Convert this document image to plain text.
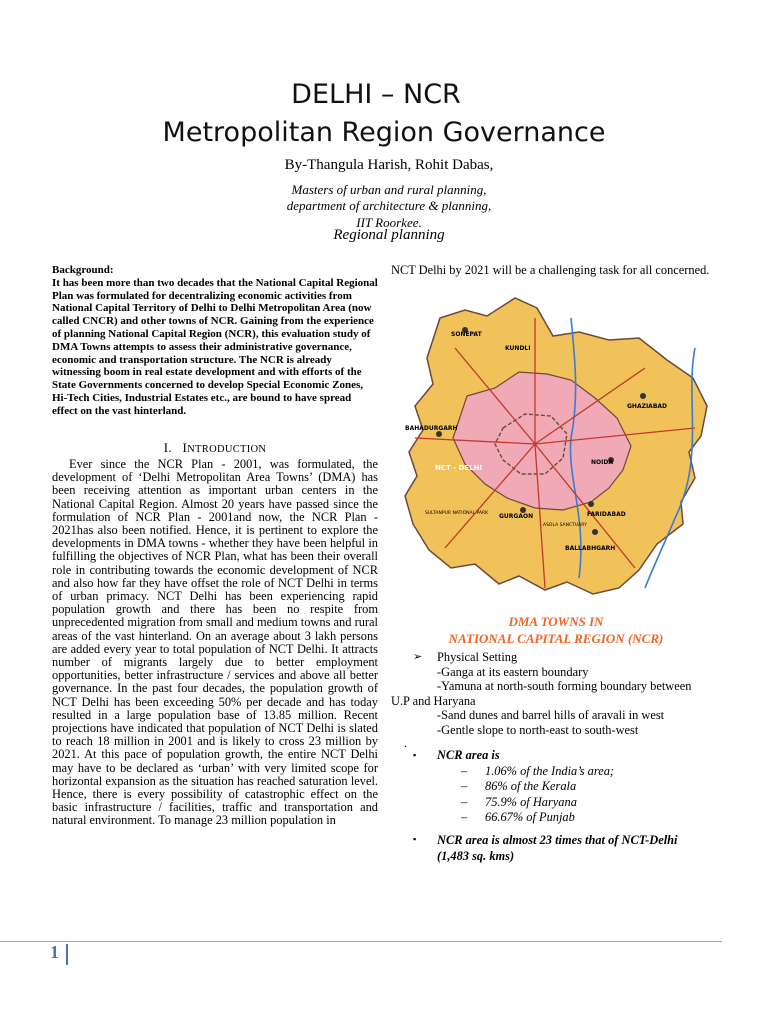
DELHI – NCR
Metropolitan Region Governance
By-Thangula Harish, Rohit Dabas,
Masters of urban and rural planning,
department of architecture & planning,
IIT Roorkee.
Regional planning
Background:
It has been more than two decades that the National Capital Regional Plan was formulated for decentralizing economic activities from National Capital Territory of Delhi to Delhi Metropolitan Area (now called CNCR) and other towns of NCR. Gaining from the experience of planning National Capital Region (NCR), this evaluation study of DMA Towns attempts to assess their administrative governance, economic and transportation structure. The NCR is already witnessing boom in real estate development and with efforts of the State Governments concerned to develop Special Economic Zones, Hi-Tech Cities, Industrial Estates etc., are bound to have spread effect on the vast hinterland.
I. INTRODUCTION

Ever since the NCR Plan - 2001, was formulated, the development of ‘Delhi Metropolitan Area Towns’ (DMA) has been receiving attention as important urban centers in the National Capital Region. Almost 20 years have passed since the formulation of NCR Plan - 2001and now, the NCR Plan - 2021has also been notified. Hence, it is pertinent to explore the developments in DMA towns - whether they have been helpful in fulfilling the objectives of NCR Plan, what has been their overall role in contributing towards the economic development of NCR and also how far they have offset the role of NCT Delhi in terms of urban primacy. NCT Delhi has been experiencing rapid population growth and there has been no respite from unprecedented migration from small and medium towns and rural areas of the vast hinterland. On an average about 3 lakh persons are added every year to total population of NCT Delhi. It attracts number of migrants largely due to better employment opportunities, better infrastructure / services and above all better governance. In the past four decades, the population growth of NCT Delhi has been exceeding 50% per decade and has today resulted in a large population base of 13.85 million. Recent projections have indicated that population of NCT Delhi is slated to reach 18 million in 2001 and is likely to cross 23 million by 2021. At this pace of population growth, the entire NCT Delhi may have to be declared as ‘urban’ with very limited scope for horizontal expansion as the situation has reached saturation level. Hence, there is every possibility of catastrophic effect on the basic infrastructure / facilities, traffic and transportation and natural environment. To manage 23 million population in

NCT Delhi by 2021 will be a challenging task for all concerned.
SONEPAT
KUNDLI
BAHADURGARH
NCT - DELHI
GHAZIABAD
NOIDA
GURGAON	FARIDABAD
BALLABHGARH
ASOLA SANCTUARY
SULTANPUR NATIONAL PARK
DMA TOWNS IN
NATIONAL CAPITAL REGION (NCR)
➢ Physical Setting
-Ganga at its eastern boundary
-Yamuna at north-south forming boundary between
U.P and Haryana
-Sand dunes and barrel hills of aravali in west
-Gentle slope to north-east to south-west
.
▪ NCR area is
– 1.06% of the India’s area;
– 86% of the Kerala
– 75.9% of Haryana
– 66.67% of Punjab
▪ NCR area is almost 23 times that of NCT-Delhi
(1,483 sq. kms)
1
